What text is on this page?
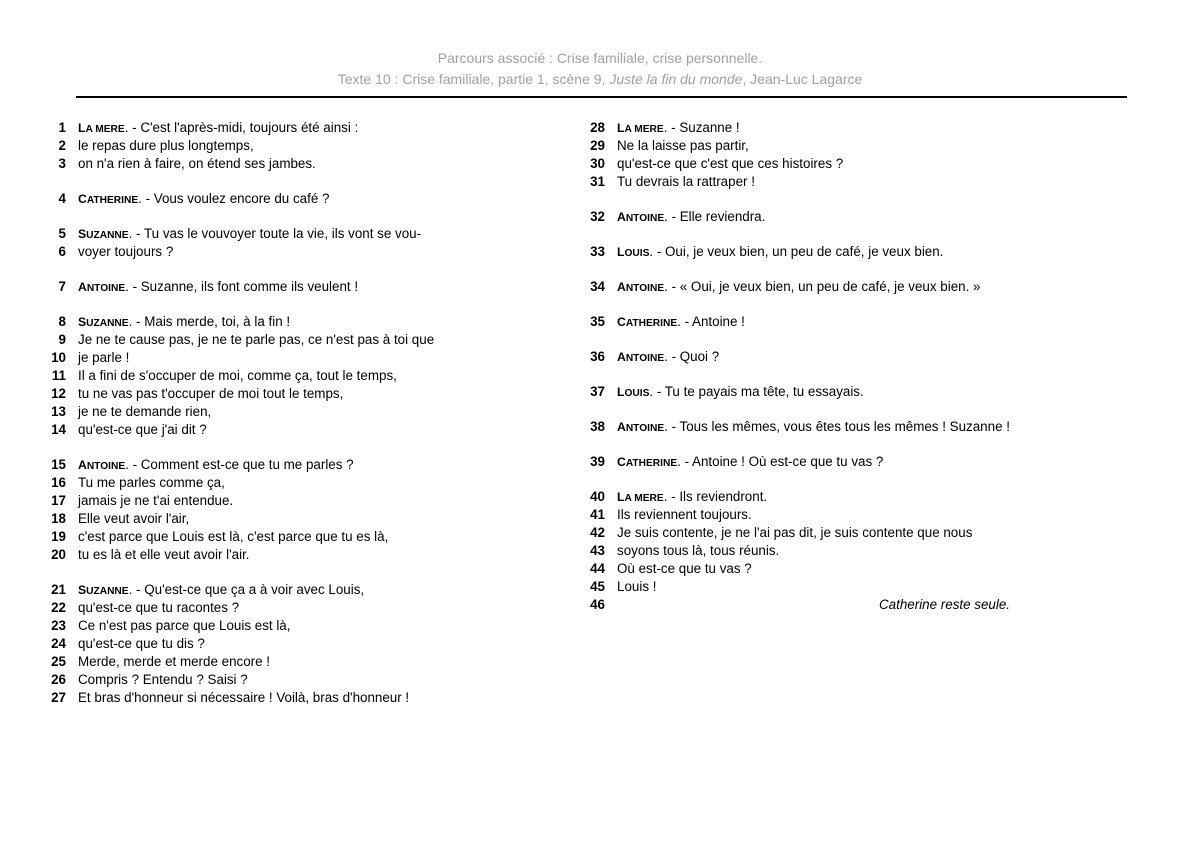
Parcours associé : Crise familiale, crise personnelle.
Texte 10 : Crise familiale, partie 1, scène 9, Juste la fin du monde, Jean-Luc Lagarce
1 LA MERE. - C'est l'après-midi, toujours été ainsi :
2 le repas dure plus longtemps,
3 on n'a rien à faire, on étend ses jambes.
4 CATHERINE. - Vous voulez encore du café ?
5 SUZANNE. - Tu vas le vouvoyer toute la vie, ils vont se vou-
6 voyer toujours ?
7 ANTOINE. - Suzanne, ils font comme ils veulent !
8 SUZANNE. - Mais merde, toi, à la fin !
9 Je ne te cause pas, je ne te parle pas, ce n'est pas à toi que
10 je parle !
11 Il a fini de s'occuper de moi, comme ça, tout le temps,
12 tu ne vas pas t'occuper de moi tout le temps,
13 je ne te demande rien,
14 qu'est-ce que j'ai dit ?
15 ANTOINE. - Comment est-ce que tu me parles ?
16 Tu me parles comme ça,
17 jamais je ne t'ai entendue.
18 Elle veut avoir l'air,
19 c'est parce que Louis est là, c'est parce que tu es là,
20 tu es là et elle veut avoir l'air.
21 SUZANNE. - Qu'est-ce que ça a à voir avec Louis,
22 qu'est-ce que tu racontes ?
23 Ce n'est pas parce que Louis est là,
24 qu'est-ce que tu dis ?
25 Merde, merde et merde encore !
26 Compris ? Entendu ? Saisi ?
27 Et bras d'honneur si nécessaire ! Voilà, bras d'honneur !
28 LA MERE. - Suzanne !
29 Ne la laisse pas partir,
30 qu'est-ce que c'est que ces histoires ?
31 Tu devrais la rattraper !
32 ANTOINE. - Elle reviendra.
33 LOUIS. - Oui, je veux bien, un peu de café, je veux bien.
34 ANTOINE. - « Oui, je veux bien, un peu de café, je veux bien. »
35 CATHERINE. - Antoine !
36 ANTOINE. - Quoi ?
37 LOUIS. - Tu te payais ma tête, tu essayais.
38 ANTOINE. - Tous les mêmes, vous êtes tous les mêmes ! Suzanne !
39 CATHERINE. - Antoine ! Où est-ce que tu vas ?
40 LA MERE. - Ils reviendront.
41 Ils reviennent toujours.
42 Je suis contente, je ne l'ai pas dit, je suis contente que nous
43 soyons tous là, tous réunis.
44 Où est-ce que tu vas ?
45 Louis !
46	Catherine reste seule.
